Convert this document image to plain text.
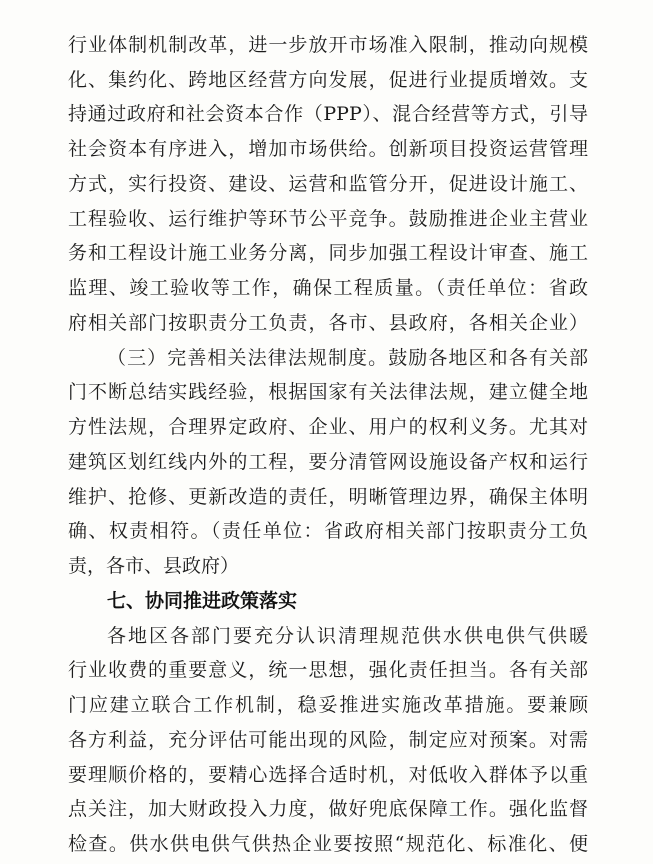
行业体制机制改革，进一步放开市场准入限制，推动向规模
化、集约化、跨地区经营方向发展，促进行业提质增效。支
持通过政府和社会资本合作（PPP）、混合经营等方式，引导
社会资本有序进入，增加市场供给。创新项目投资运营管理
方式，实行投资、建设、运营和监管分开，促进设计施工、
工程验收、运行维护等环节公平竞争。鼓励推进企业主营业
务和工程设计施工业务分离，同步加强工程设计审查、施工
监理、竣工验收等工作，确保工程质量。（责任单位：省政
府相关部门按职责分工负责，各市、县政府，各相关企业）
（三）完善相关法律法规制度。鼓励各地区和各有关部
门不断总结实践经验，根据国家有关法律法规，建立健全地
方性法规，合理界定政府、企业、用户的权利义务。尤其对
建筑区划红线内外的工程，要分清管网设施设备产权和运行
维护、抢修、更新改造的责任，明晰管理边界，确保主体明
确、权责相符。（责任单位：省政府相关部门按职责分工负
责，各市、县政府）
七、协同推进政策落实
各地区各部门要充分认识清理规范供水供电供气供暖
行业收费的重要意义，统一思想，强化责任担当。各有关部
门应建立联合工作机制，稳妥推进实施改革措施。要兼顾
各方利益，充分评估可能出现的风险，制定应对预案。对需
要理顺价格的，要精心选择合适时机，对低收入群体予以重
点关注，加大财政投入力度，做好兜底保障工作。强化监督
检查。供水供电供气供热企业要按照“规范化、标准化、便
